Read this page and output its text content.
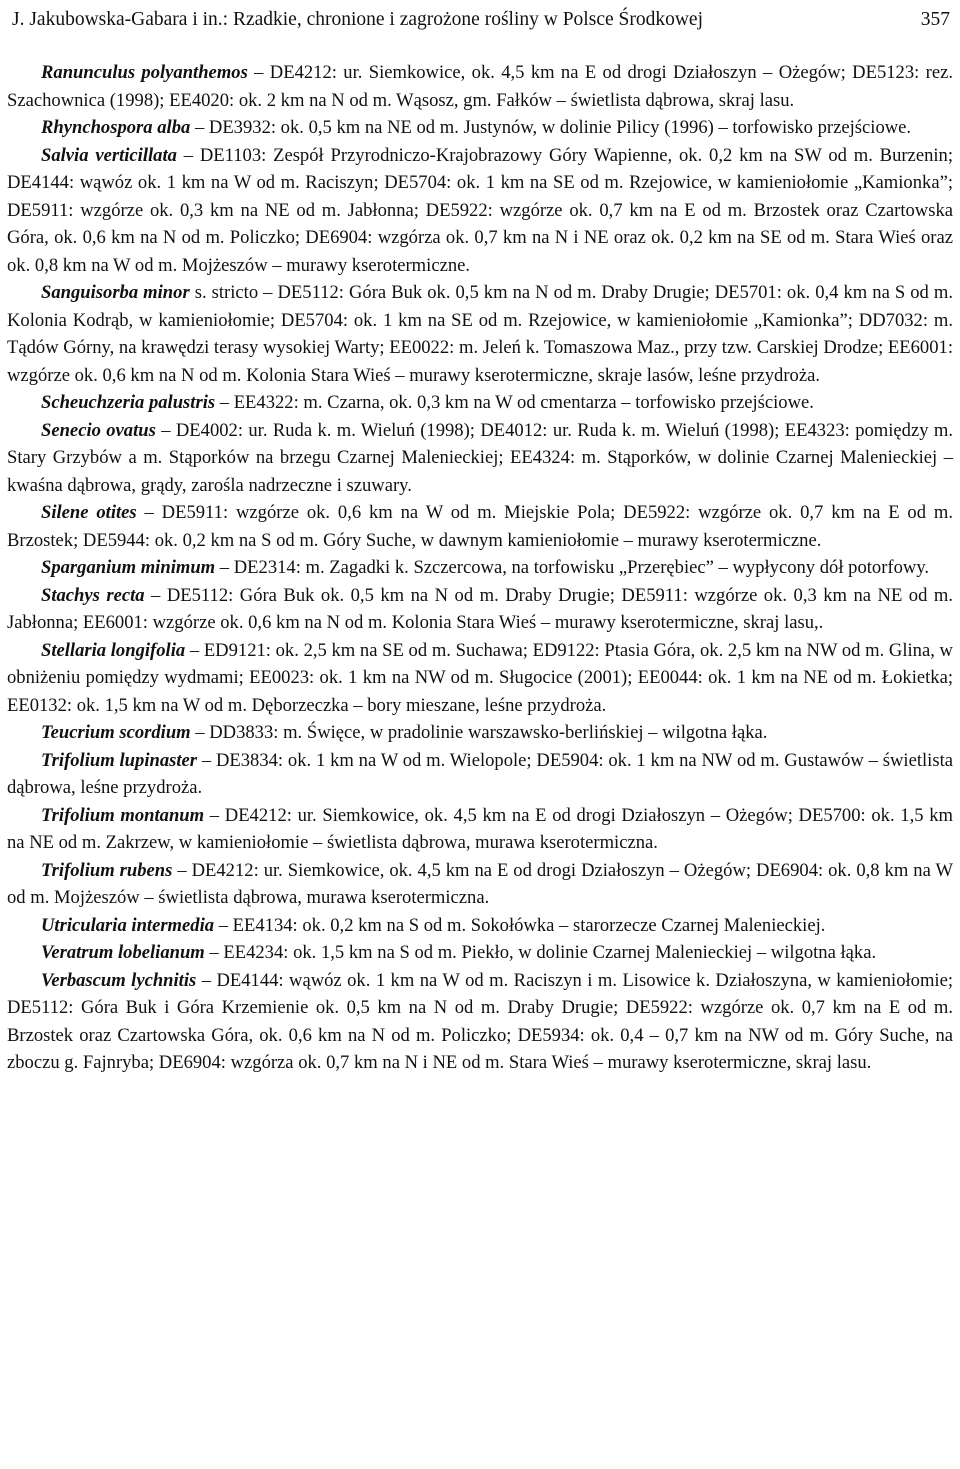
J. Jakubowska-Gabara i in.: Rzadkie, chronione i zagrożone rośliny w Polsce Środkowej	357

Ranunculus polyanthemos – DE4212: ur. Siemkowice, ok. 4,5 km na E od drogi Działoszyn – Ożegów; DE5123: rez. Szachownica (1998); EE4020: ok. 2 km na N od m. Wąsosz, gm. Fałków – świetlista dąbrowa, skraj lasu.

Rhynchospora alba – DE3932: ok. 0,5 km na NE od m. Justynów, w dolinie Pilicy (1996) – torfowisko przejściowe.

Salvia verticillata – DE1103: Zespół Przyrodniczo-Krajobrazowy Góry Wapienne, ok. 0,2 km na SW od m. Burzenin; DE4144: wąwóz ok. 1 km na W od m. Raciszyn; DE5704: ok. 1 km na SE od m. Rzejowice, w kamieniołomie „Kamionka”; DE5911: wzgórze ok. 0,3 km na NE od m. Jabłonna; DE5922: wzgórze ok. 0,7 km na E od m. Brzostek oraz Czartowska Góra, ok. 0,6 km na N od m. Policzko; DE6904: wzgórza ok. 0,7 km na N i NE oraz ok. 0,2 km na SE od m. Stara Wieś oraz ok. 0,8 km na W od m. Mojżeszów – murawy kserotermiczne.

Sanguisorba minor s. stricto – DE5112: Góra Buk ok. 0,5 km na N od m. Draby Drugie; DE5701: ok. 0,4 km na S od m. Kolonia Kodrąb, w kamieniołomie; DE5704: ok. 1 km na SE od m. Rzejowice, w kamieniołomie „Kamionka”; DD7032: m. Tądów Górny, na krawędzi terasy wysokiej Warty; EE0022: m. Jeleń k. Tomaszowa Maz., przy tzw. Carskiej Drodze; EE6001: wzgórze ok. 0,6 km na N od m. Kolonia Stara Wieś – murawy kserotermiczne, skraje lasów, leśne przydroża.

Scheuchzeria palustris – EE4322: m. Czarna, ok. 0,3 km na W od cmentarza – torfowisko przejściowe.

Senecio ovatus – DE4002: ur. Ruda k. m. Wieluń (1998); DE4012: ur. Ruda k. m. Wieluń (1998); EE4323: pomiędzy m. Stary Grzybów a m. Stąporków na brzegu Czarnej Malenieckiej; EE4324: m. Stąporków, w dolinie Czarnej Malenieckiej – kwaśna dąbrowa, grądy, zarośla nadrzeczne i szuwary.

Silene otites – DE5911: wzgórze ok. 0,6 km na W od m. Miejskie Pola; DE5922: wzgórze ok. 0,7 km na E od m. Brzostek; DE5944: ok. 0,2 km na S od m. Góry Suche, w dawnym kamieniołomie – murawy kserotermiczne.

Sparganium minimum – DE2314: m. Zagadki k. Szczercowa, na torfowisku „Przerębiec” – wypłycony dół potorfowy.

Stachys recta – DE5112: Góra Buk ok. 0,5 km na N od m. Draby Drugie; DE5911: wzgórze ok. 0,3 km na NE od m. Jabłonna; EE6001: wzgórze ok. 0,6 km na N od m. Kolonia Stara Wieś – murawy kserotermiczne, skraj lasu,.

Stellaria longifolia – ED9121: ok. 2,5 km na SE od m. Suchawa; ED9122: Ptasia Góra, ok. 2,5 km na NW od m. Glina, w obniżeniu pomiędzy wydmami; EE0023: ok. 1 km na NW od m. Sługocice (2001); EE0044: ok. 1 km na NE od m. Łokietka; EE0132: ok. 1,5 km na W od m. Dęborzeczka – bory mieszane, leśne przydroża.

Teucrium scordium – DD3833: m. Święce, w pradolinie warszawsko-berlińskiej – wilgotna łąka.

Trifolium lupinaster – DE3834: ok. 1 km na W od m. Wielopole; DE5904: ok. 1 km na NW od m. Gustawów – świetlista dąbrowa, leśne przydroża.

Trifolium montanum – DE4212: ur. Siemkowice, ok. 4,5 km na E od drogi Działoszyn – Ożegów; DE5700: ok. 1,5 km na NE od m. Zakrzew, w kamieniołomie – świetlista dąbrowa, murawa kserotermiczna.

Trifolium rubens – DE4212: ur. Siemkowice, ok. 4,5 km na E od drogi Działoszyn – Ożegów; DE6904: ok. 0,8 km na W od m. Mojżeszów – świetlista dąbrowa, murawa kserotermiczna.

Utricularia intermedia – EE4134: ok. 0,2 km na S od m. Sokołówka – starorzecze Czarnej Malenieckiej.

Veratrum lobelianum – EE4234: ok. 1,5 km na S od m. Piekło, w dolinie Czarnej Malenieckiej – wilgotna łąka.

Verbascum lychnitis – DE4144: wąwóz ok. 1 km na W od m. Raciszyn i m. Lisowice k. Działoszyna, w kamieniołomie; DE5112: Góra Buk i Góra Krzemienie ok. 0,5 km na N od m. Draby Drugie; DE5922: wzgórze ok. 0,7 km na E od m. Brzostek oraz Czartowska Góra, ok. 0,6 km na N od m. Policzko; DE5934: ok. 0,4 – 0,7 km na NW od m. Góry Suche, na zboczu g. Fajnryba; DE6904: wzgórza ok. 0,7 km na N i NE od m. Stara Wieś – murawy kserotermiczne, skraj lasu.
